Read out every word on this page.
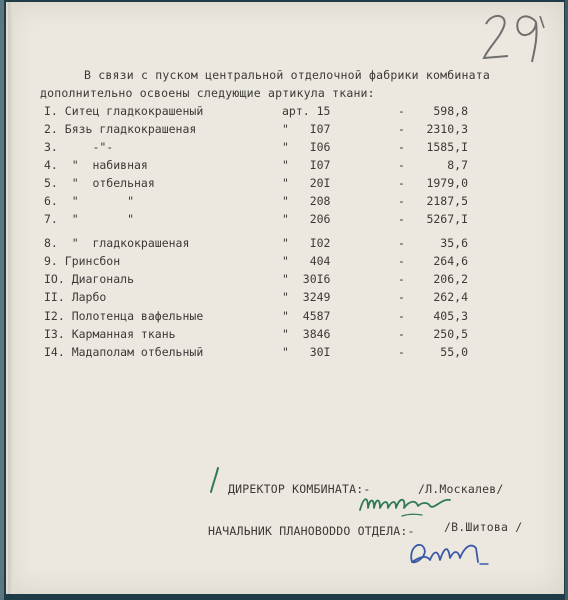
В связи с пуском центральной отделочной фабрики комбината
дополнительно освоены следующие артикула ткани:
I. Ситец гладкокрашеный	арт. 15	-	598,8
2. Бязь гладкокрашеная	"   I07	-	2310,3
3.     -"-	"   I06	-	1585,I
4.  "  набивная	"   I07	-	8,7
5.  "  отбельная	"   20I	-	1979,0
6.  "       "	"   208	-	2187,5
7.  "       "	"   206	-	5267,I
8.  "  гладкокрашеная	"   I02	-	35,6
9. Гринсбон	"   404	-	264,6
IO. Диагональ	"  30I6	-	206,2
II. Ларбо	"  3249	-	262,4
I2. Полотенца вафельные	"  4587	-	405,3
I3. Карманная ткань	"  3846	-	250,5
I4. Мадаполам отбельный	"   30I	-	55,0
ДИРЕКТОР КОМБИНАТА:-	/Л.Москалев/
НАЧАЛЬНИК ПЛАНОВОDDO ОТДЕЛА:-	/В.Шитова /
